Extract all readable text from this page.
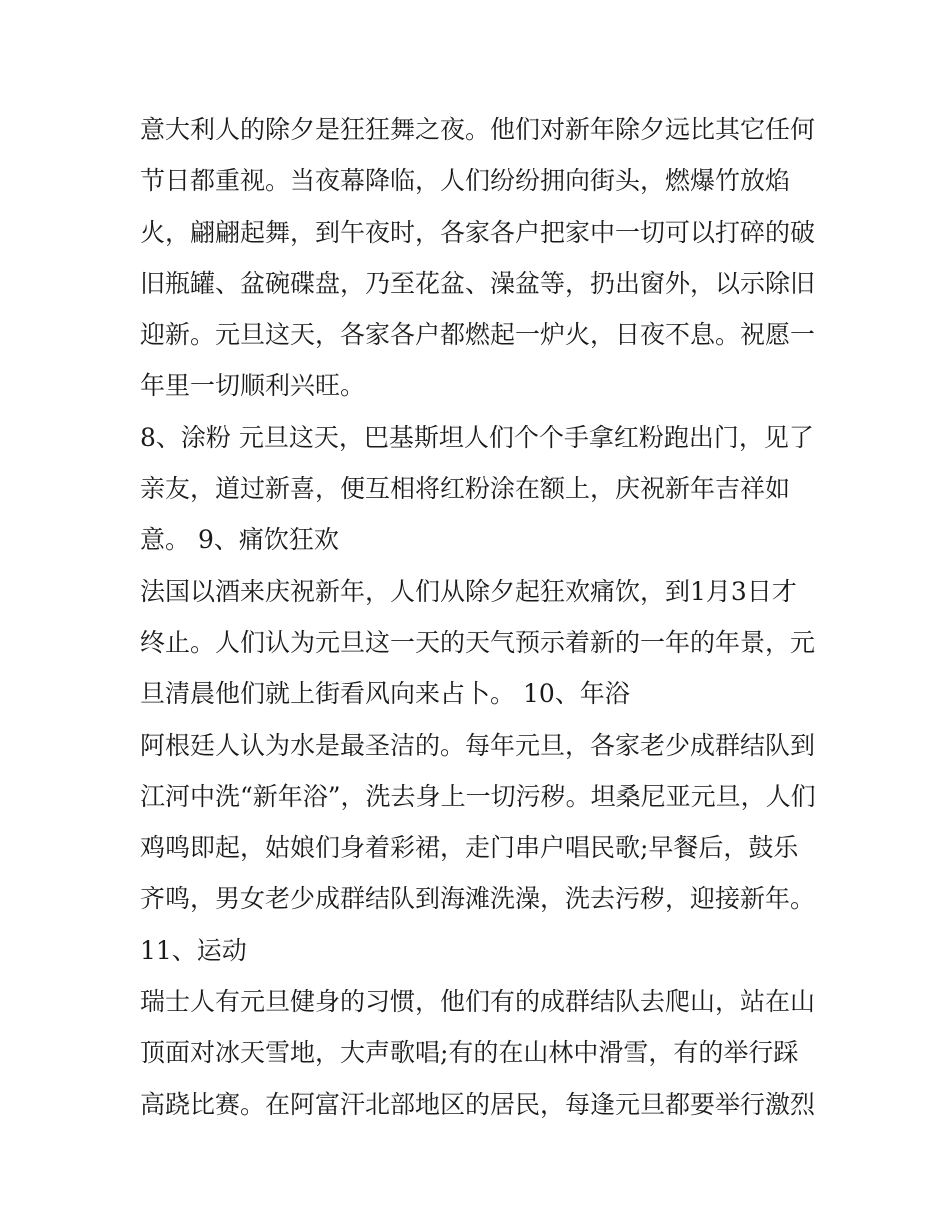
意大利人的除夕是狂狂舞之夜。他们对新年除夕远比其它任何
节日都重视。当夜幕降临，人们纷纷拥向街头，燃爆竹放焰
火，翩翩起舞，到午夜时，各家各户把家中一切可以打碎的破
旧瓶罐、盆碗碟盘，乃至花盆、澡盆等，扔出窗外，以示除旧
迎新。元旦这天，各家各户都燃起一炉火，日夜不息。祝愿一
年里一切顺利兴旺。
8、涂粉 元旦这天，巴基斯坦人们个个手拿红粉跑出门，见了
亲友，道过新喜，便互相将红粉涂在额上，庆祝新年吉祥如
意。 9、痛饮狂欢
法国以酒来庆祝新年，人们从除夕起狂欢痛饮，到1月3日才
终止。人们认为元旦这一天的天气预示着新的一年的年景，元
旦清晨他们就上街看风向来占卜。 10、年浴
阿根廷人认为水是最圣洁的。每年元旦，各家老少成群结队到
江河中洗“新年浴”，洗去身上一切污秽。坦桑尼亚元旦，人们
鸡鸣即起，姑娘们身着彩裙，走门串户唱民歌;早餐后，鼓乐
齐鸣，男女老少成群结队到海滩洗澡，洗去污秽，迎接新年。
11、运动
瑞士人有元旦健身的习惯，他们有的成群结队去爬山，站在山
顶面对冰天雪地，大声歌唱;有的在山林中滑雪，有的举行踩
高跷比赛。在阿富汗北部地区的居民，每逢元旦都要举行激烈
